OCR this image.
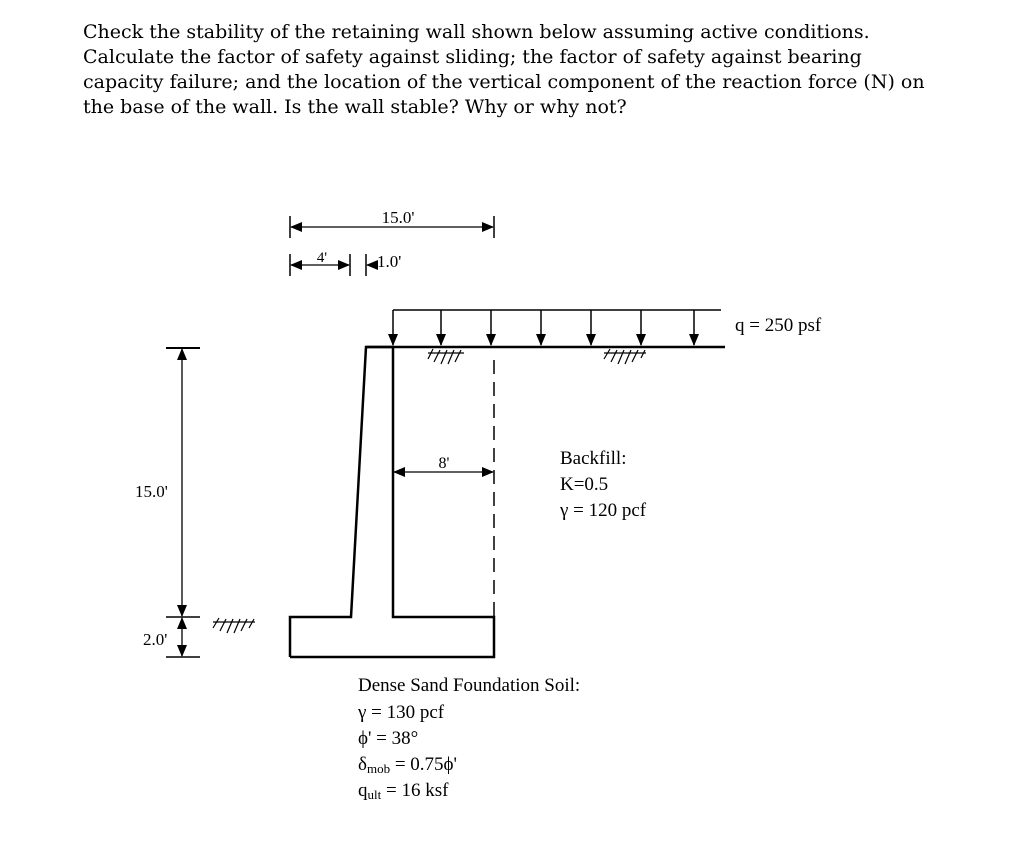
Check the stability of the retaining wall shown below assuming active conditions. Calculate the factor of safety against sliding; the factor of safety against bearing capacity failure; and the location of the vertical component of the reaction force (N) on the base of the wall. Is the wall stable? Why or why not?
15.0'
4'	1.0'
q = 250 psf
8'
15.0'
2.0'
Backfill:
K=0.5
γ = 120 pcf
Dense Sand Foundation Soil:
γ = 130 pcf
ϕ' = 38°
δmob = 0.75ϕ'
qult = 16 ksf
